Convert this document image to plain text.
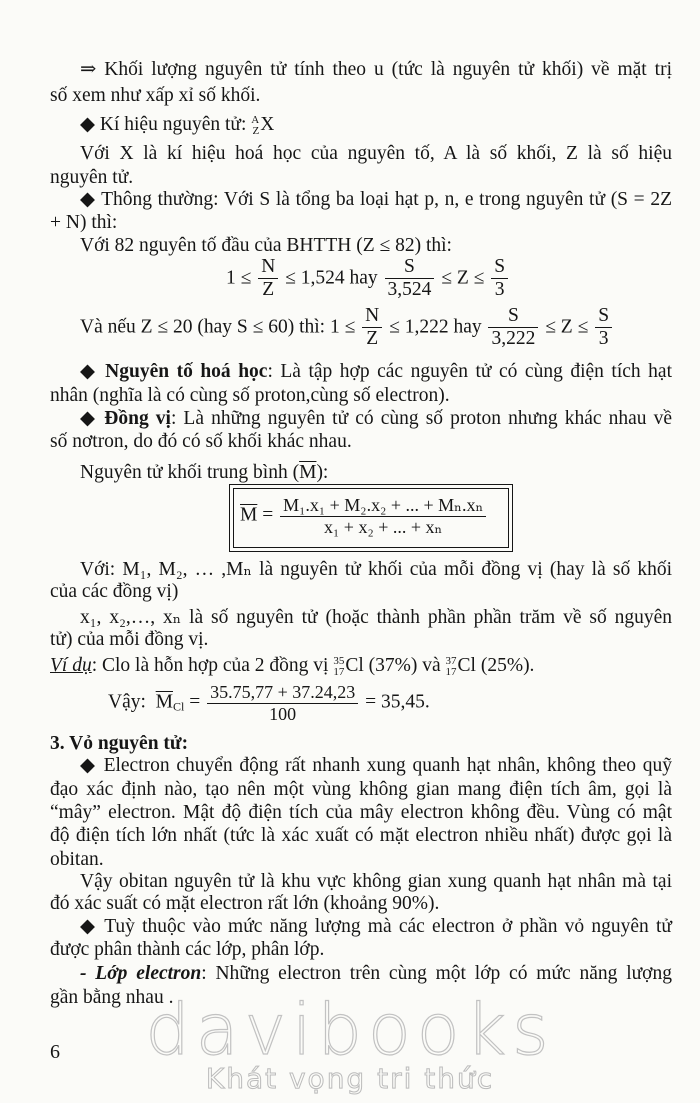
⇒ Khối lượng nguyên tử tính theo u (tức là nguyên tử khối) về mặt trị
số xem như xấp xỉ số khối.
◆ Kí hiệu nguyên tử: A
Z X
Với X là kí hiệu hoá học của nguyên tố, A là số khối, Z là số hiệu
nguyên tử.
◆ Thông thường: Với S là tổng ba loại hạt p, n, e trong nguyên tử (S = 2Z
+ N) thì:
Với 82 nguyên tố đầu của BHTTH (Z ≤ 82) thì:
$1 \le \frac{N}{Z} \le 1,524$ hay $\frac{S}{3,524} \le Z \le \frac{S}{3}$
Và nếu Z ≤ 20 (hay S ≤ 60) thì: $1 \le \frac{N}{Z} \le 1,222$ hay $\frac{S}{3,222} \le Z \le \frac{S}{3}$
◆ Nguyên tố hoá học: Là tập hợp các nguyên tử có cùng điện tích hạt
nhân (nghĩa là có cùng số proton,cùng số electron).
◆ Đồng vị: Là những nguyên tử có cùng số proton nhưng khác nhau về
số nơtron, do đó có số khối khác nhau.
Nguyên tử khối trung bình $(\overline{M})$:
$\overline{M} = \frac{\text{M₁.x₁ + M₂.x₂ + ... + Mₙ.xₙ}}{\text{x₁ + x₂ + ... + xₙ}}$
Với: M₁, M₂, … ,Mₙ là nguyên tử khối của mỗi đồng vị (hay là số khối
của các đồng vị)
x₁, x₂,…, xₙ là số nguyên tử (hoặc thành phần phần trăm về số nguyên
tử) của mỗi đồng vị.
Ví dụ: Clo là hỗn hợp của 2 đồng vị 35
17 Cl (37%) và 37
17 Cl (25%).
Vậy: $\overline{M}_{Cl} = \frac{35.75,77 + 37.24,23}{100} = 35,45$.
3. Vỏ nguyên tử:
◆ Electron chuyển động rất nhanh xung quanh hạt nhân, không theo quỹ
đạo xác định nào, tạo nên một vùng không gian mang điện tích âm, gọi là
“mây” electron. Mật độ điện tích của mây electron không đều. Vùng có mật
độ điện tích lớn nhất (tức là xác xuất có mặt electron nhiều nhất) được gọi là
obitan.
Vậy obitan nguyên tử là khu vực không gian xung quanh hạt nhân mà tại
đó xác suất có mặt electron rất lớn (khoảng 90%).
◆ Tuỳ thuộc vào mức năng lượng mà các electron ở phần vỏ nguyên tử
được phân thành các lớp, phân lớp.
- Lớp electron: Những electron trên cùng một lớp có mức năng lượng
gần bằng nhau .
davibooks
Khát vọng tri thức
6
